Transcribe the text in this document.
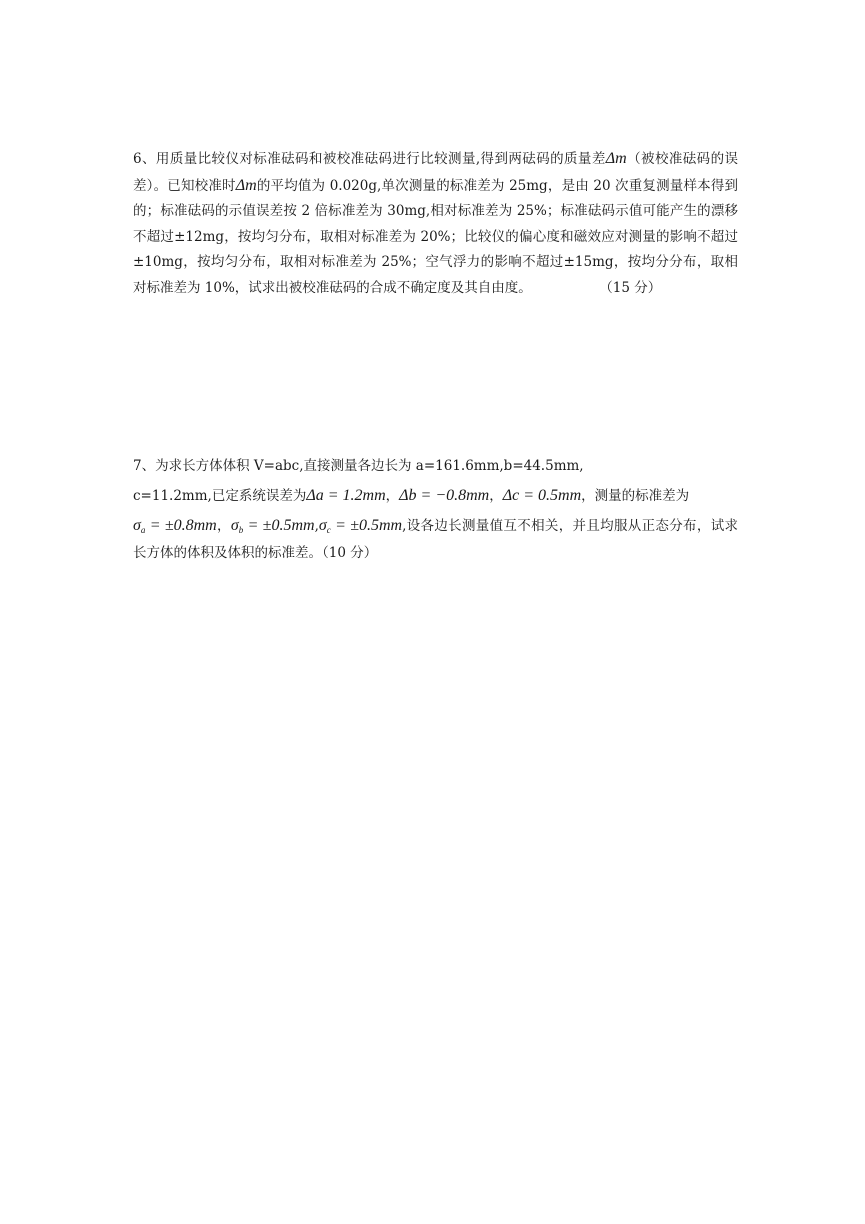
6、用质量比较仪对标准砝码和被校准砝码进行比较测量,得到两砝码的质量差Δm（被校准砝码的误差）。已知校准时Δm的平均值为 0.020g,单次测量的标准差为 25mg，是由 20 次重复测量样本得到的；标准砝码的示值误差按 2 倍标准差为 30mg,相对标准差为 25%；标准砝码示值可能产生的漂移不超过±12mg，按均匀分布，取相对标准差为 20%；比较仪的偏心度和磁效应对测量的影响不超过±10mg，按均匀分布，取相对标准差为 25%；空气浮力的影响不超过±15mg，按均分分布，取相对标准差为 10%，试求出被校准砝码的合成不确定度及其自由度。     	（15 分）
7、为求长方体体积 V=abc,直接测量各边长为 a=161.6mm,b=44.5mm,
c=11.2mm,已定系统误差为Δa = 1.2mm，Δb = −0.8mm，Δc = 0.5mm，测量的标准差为
$\sigma_a = \pm 0.8mm$，$\sigma_b = \pm 0.5mm,\sigma_c = \pm 0.5mm$,设各边长测量值互不相关，并且均服从正态分布，试求长方体的体积及体积的标准差。（10 分）
